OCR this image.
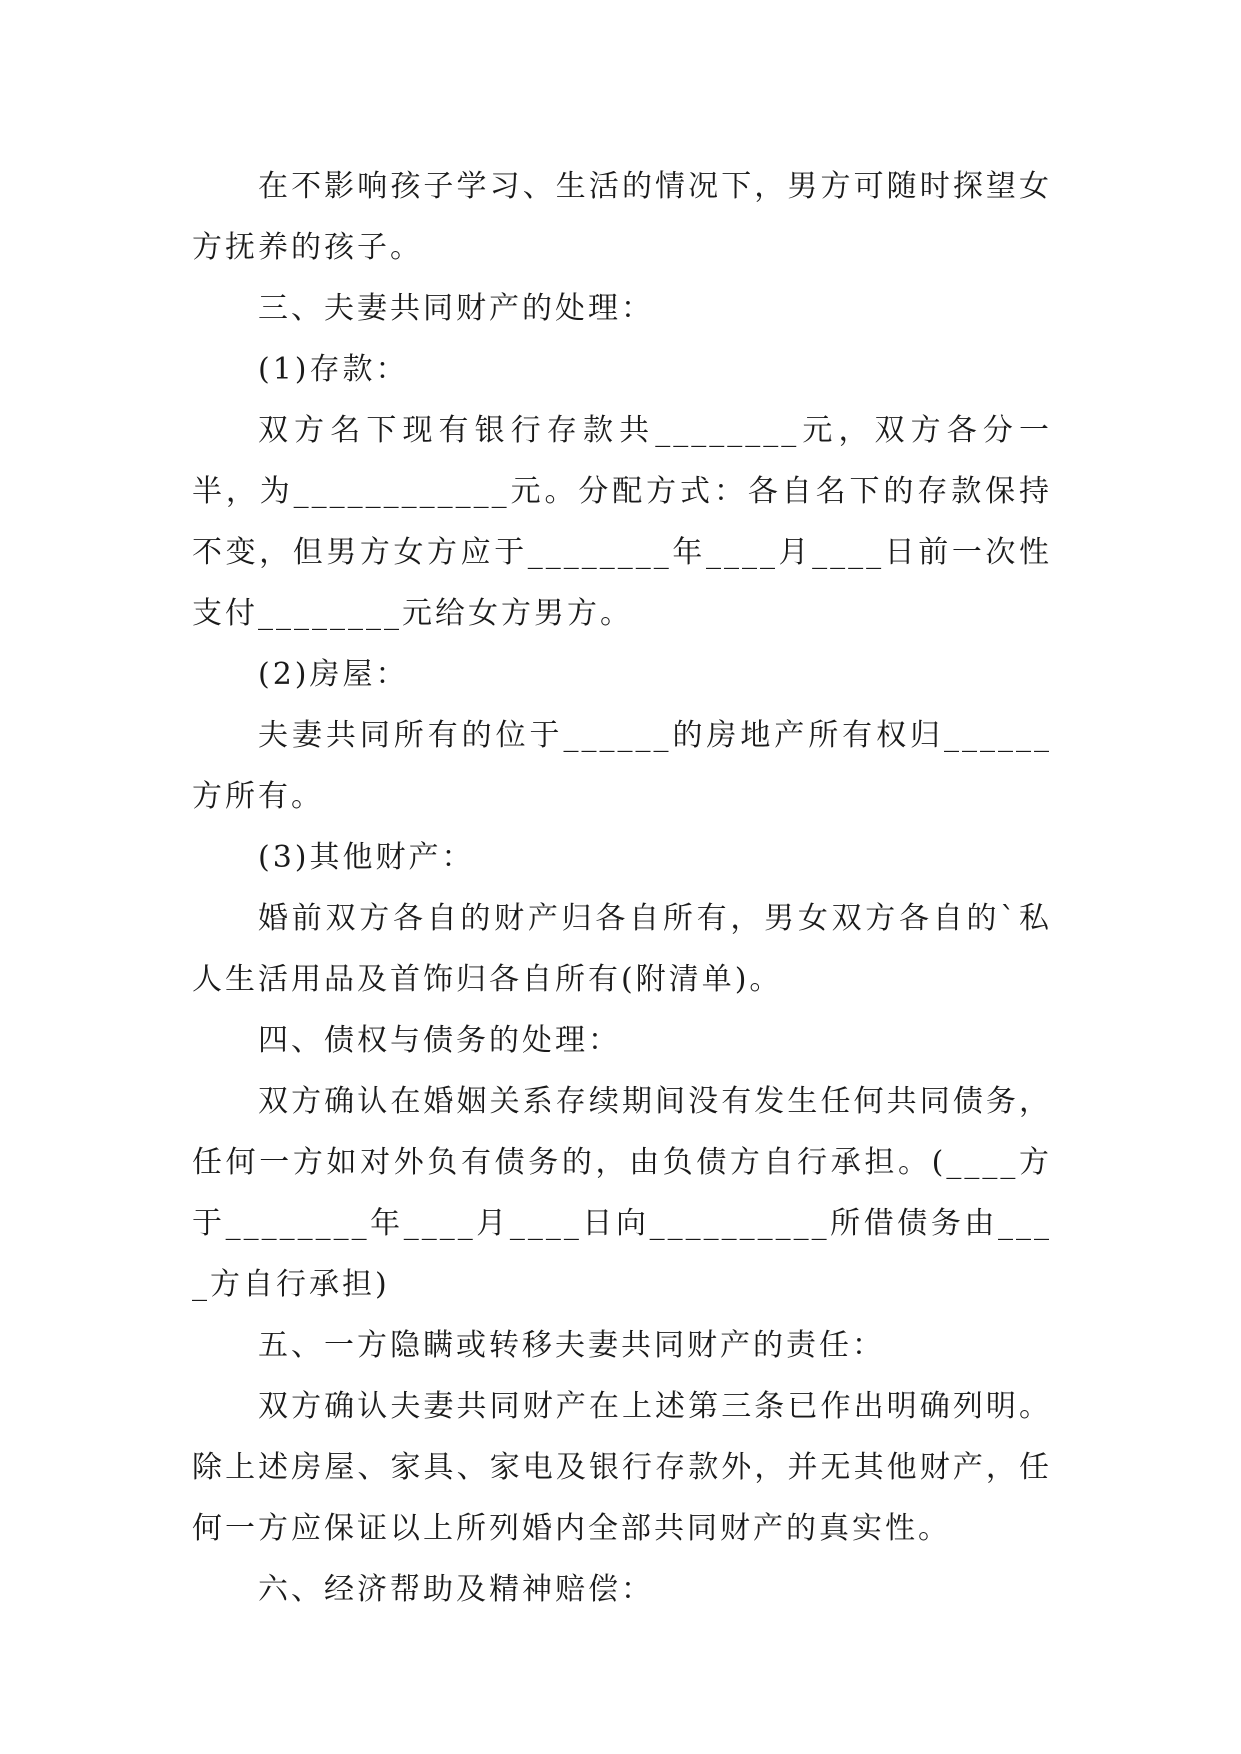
在不影响孩子学习、生活的情况下，男方可随时探望女方抚养的孩子。

三、夫妻共同财产的处理：

(1)存款：

双方名下现有银行存款共________元，双方各分一半，为____________元。分配方式：各自名下的存款保持不变，但男方女方应于________年____月____日前一次性支付________元给女方男方。

(2)房屋：

夫妻共同所有的位于______的房地产所有权归______方所有。

(3)其他财产：

婚前双方各自的财产归各自所有，男女双方各自的`私人生活用品及首饰归各自所有(附清单)。

四、债权与债务的处理：

双方确认在婚姻关系存续期间没有发生任何共同债务，任何一方如对外负有债务的，由负债方自行承担。(____方于________年____月____日向__________所借债务由____方自行承担)

五、一方隐瞒或转移夫妻共同财产的责任：

双方确认夫妻共同财产在上述第三条已作出明确列明。除上述房屋、家具、家电及银行存款外，并无其他财产，任何一方应保证以上所列婚内全部共同财产的真实性。

六、经济帮助及精神赔偿：
